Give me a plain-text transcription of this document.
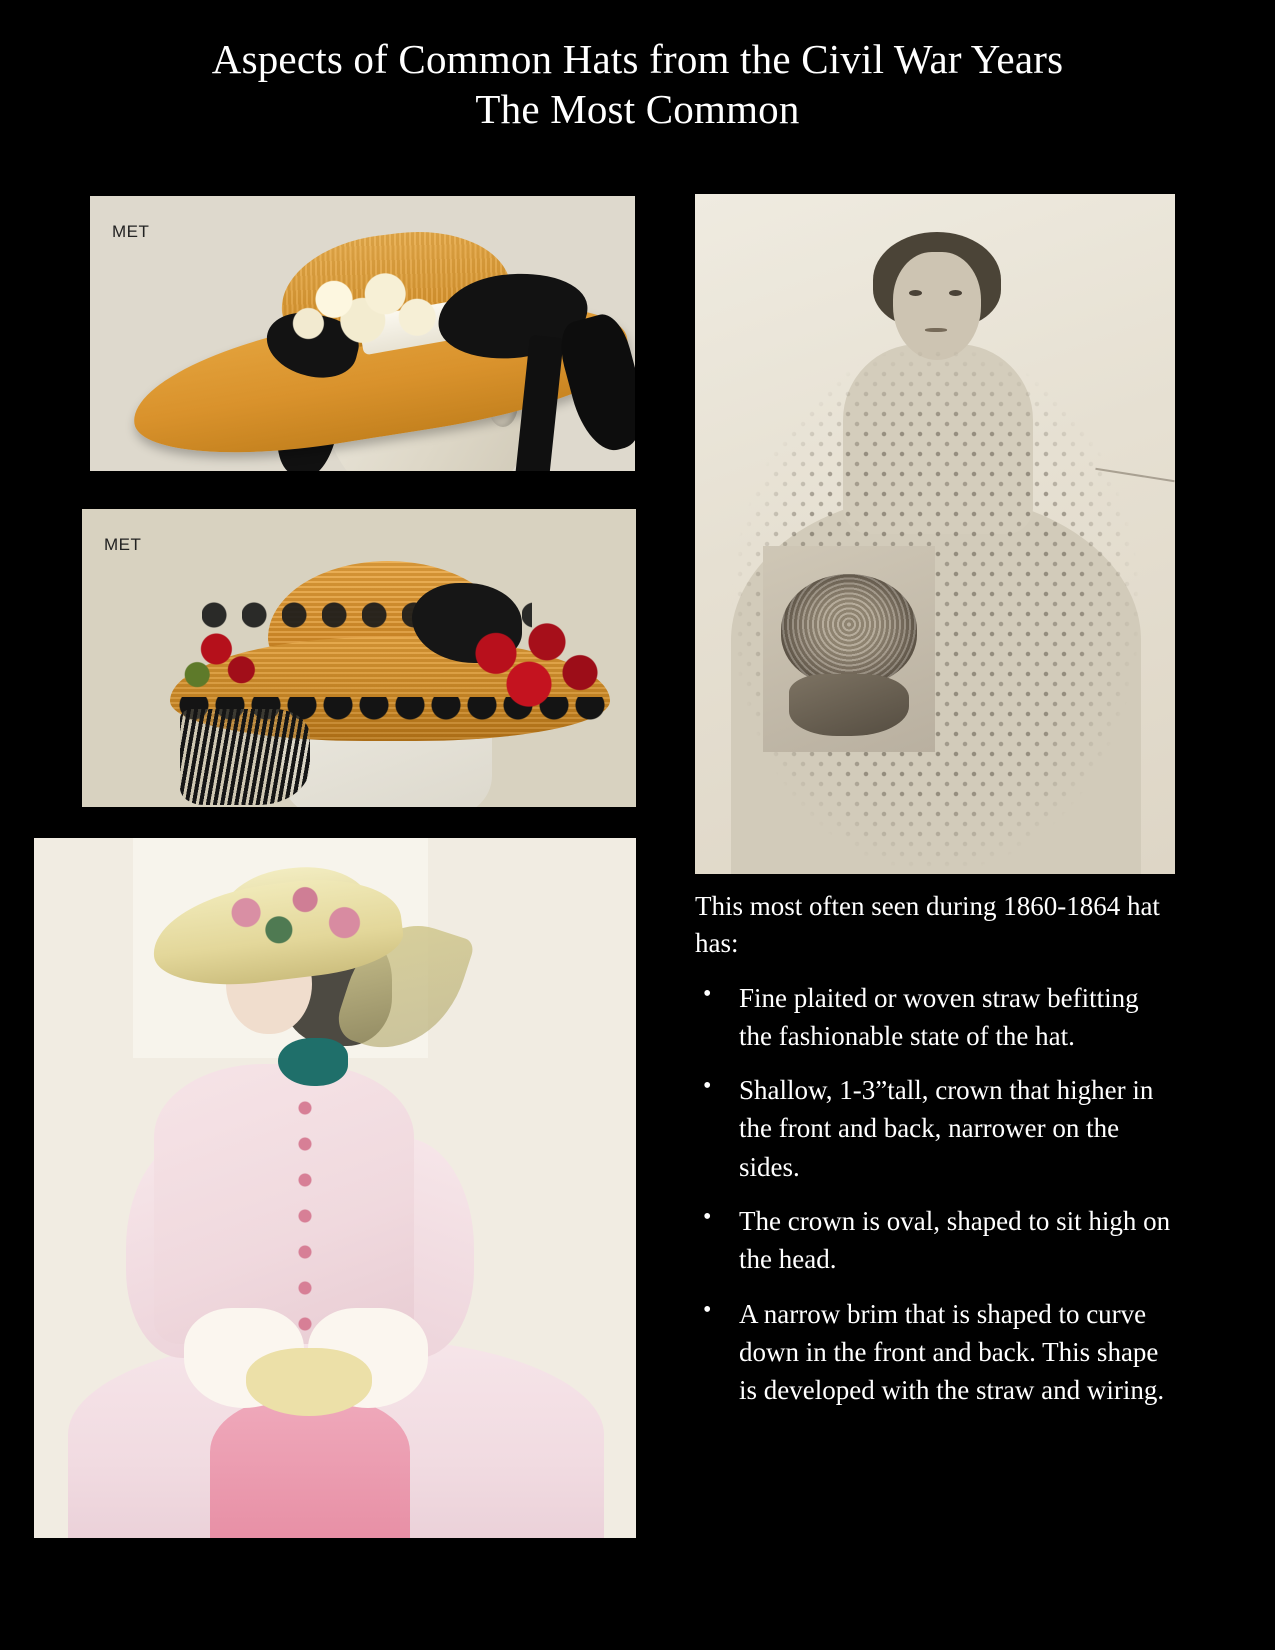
Aspects of Common Hats from the Civil War Years
The Most Common
MET
MET

This most often seen during 1860-1864 hat has:

• Fine plaited or woven straw befitting the fashionable state of the hat.
• Shallow, 1-3”tall, crown that higher in the front and back, narrower on the sides.
• The crown is oval, shaped to sit high on the head.
• A narrow brim that is shaped to curve down in the front and back. This shape is developed with the straw and wiring.
